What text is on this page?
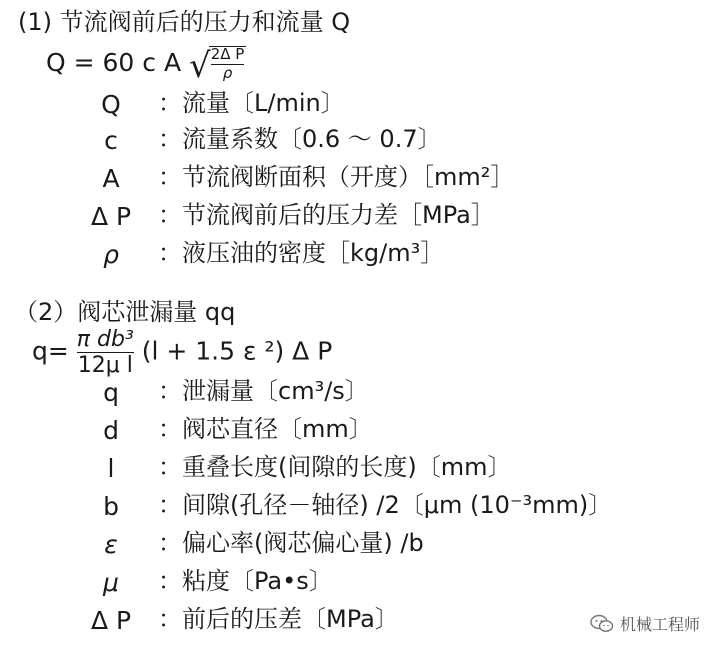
(1) 节流阀前后的压力和流量 Q
Q = 60 c A √ $\frac{\text{2Δ P}}{\rho}$
Q	：流量〔L/min〕
c	：流量系数〔0.6 ～ 0.7〕
A	：节流阀断面积（开度）［mm²］
Δ P	：节流阀前后的压力差［MPa］
ρ	：液压油的密度［kg/m³］
（2）阀芯泄漏量 qq
$q= \frac{\text{π db³}}{\text{12μ l}} (l + 1.5$ ε ²) Δ P
q	：泄漏量〔cm³/s〕
d	：阀芯直径〔mm〕
l	：重叠长度(间隙的长度)〔mm〕
b	：间隙(孔径－轴径) /2〔μm (10⁻³mm)〕
ε	：偏心率(阀芯偏心量) /b
μ	：粘度〔Pa•s〕
Δ P	：前后的压差〔MPa〕	机械工程师
